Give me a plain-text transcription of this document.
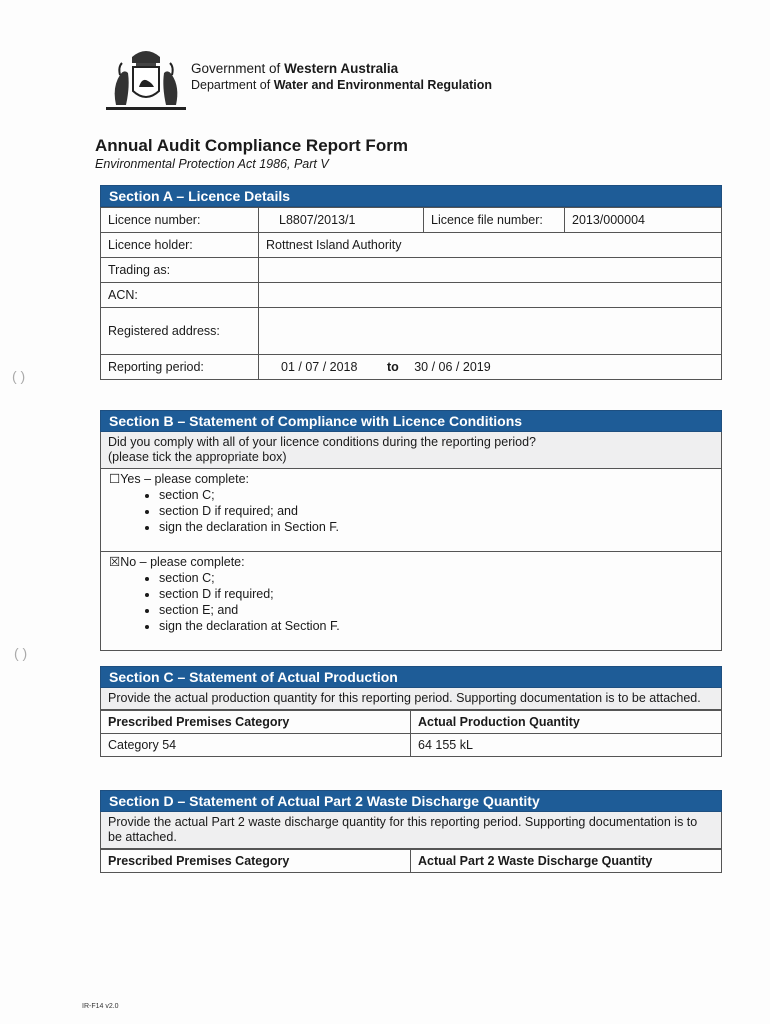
Government of Western Australia
Department of Water and Environmental Regulation
Annual Audit Compliance Report Form
Environmental Protection Act 1986, Part V
Section A – Licence Details
Licence number:	L8807/2013/1	Licence file number:	2013/000004
Licence holder:	Rottnest Island Authority		
Trading as:			
ACN:			
Registered address:			
Reporting period:	01 / 07 / 2018 to 30 / 06 / 2019		
Section B – Statement of Compliance with Licence Conditions
Did you comply with all of your licence conditions during the reporting period?
(please tick the appropriate box)
☐Yes – please complete:
• section C;
• section D if required; and
• sign the declaration in Section F.
☒No – please complete:
• section C;
• section D if required;
• section E; and
• sign the declaration at Section F.
Section C – Statement of Actual Production
Provide the actual production quantity for this reporting period. Supporting documentation is to be attached.
Prescribed Premises Category	Actual Production Quantity
Category 54	64 155 kL
Section D – Statement of Actual Part 2 Waste Discharge Quantity
Provide the actual Part 2 waste discharge quantity for this reporting period. Supporting documentation is to be attached.
Prescribed Premises Category	Actual Part 2 Waste Discharge Quantity
( )
( )
IR-F14 v2.0
